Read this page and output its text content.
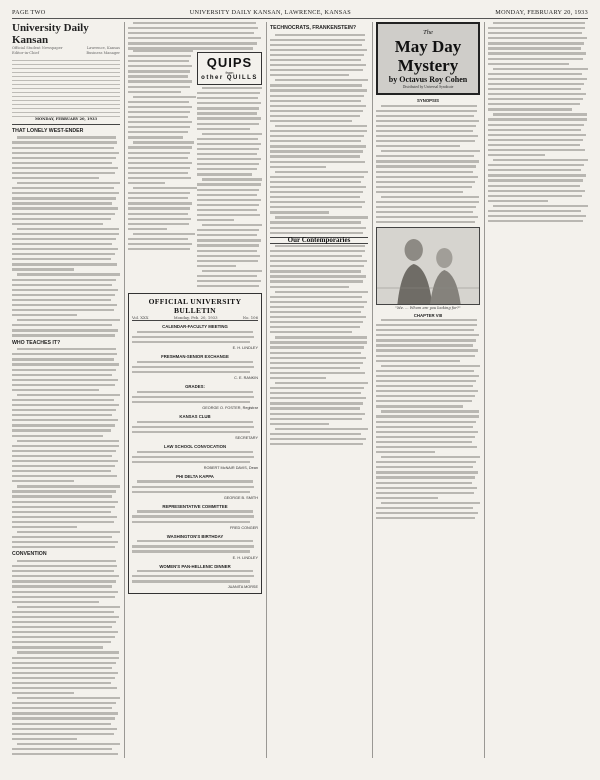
PAGE TWO	UNIVERSITY DAILY KANSAN, LAWRENCE, KANSAS	MONDAY, FEBRUARY 20, 1933
University Daily Kansan
Official Student Newspaper	Lawrence, Kansas
Editor-in-Chief	Business Manager
MONDAY, FEBRUARY 20, 1933
THAT LONELY WEST-ENDER
WHO TEACHES IT?
CONVENTION
QUIPS
from
other QUILLS
OFFICIAL UNIVERSITY BULLETIN
Vol. XXX	Monday, Feb. 20, 1933	No. 106
CALENDAR-FACULTY MEETING
E. H. LINDLEY
FRESHMAN-SENIOR EXCHANGE
C. E. RANKIN
GRADES:
GEORGE O. FOSTER, Registrar
KANSAS CLUB
SECRETARY
LAW SCHOOL CONVOCATION
ROBERT McNAIR DAVIS, Dean
PHI DELTA KAPPA
GEORGE B. SMITH
REPRESENTATIVE COMMITTEE
FRED CONGER
WASHINGTON'S BIRTHDAY
E. H. LINDLEY
WOMEN'S PAN-HELLENIC DINNER
JUANITA MORSE
TECHNOCRATS, FRANKENSTEIN?
Our Contemporaries
The
May Day
Mystery
by Octavus Roy Cohen
Distributed by Universal Syndicate
SYNOPSIS
"Me. ... Whom are you looking for?"
CHAPTER VIII
